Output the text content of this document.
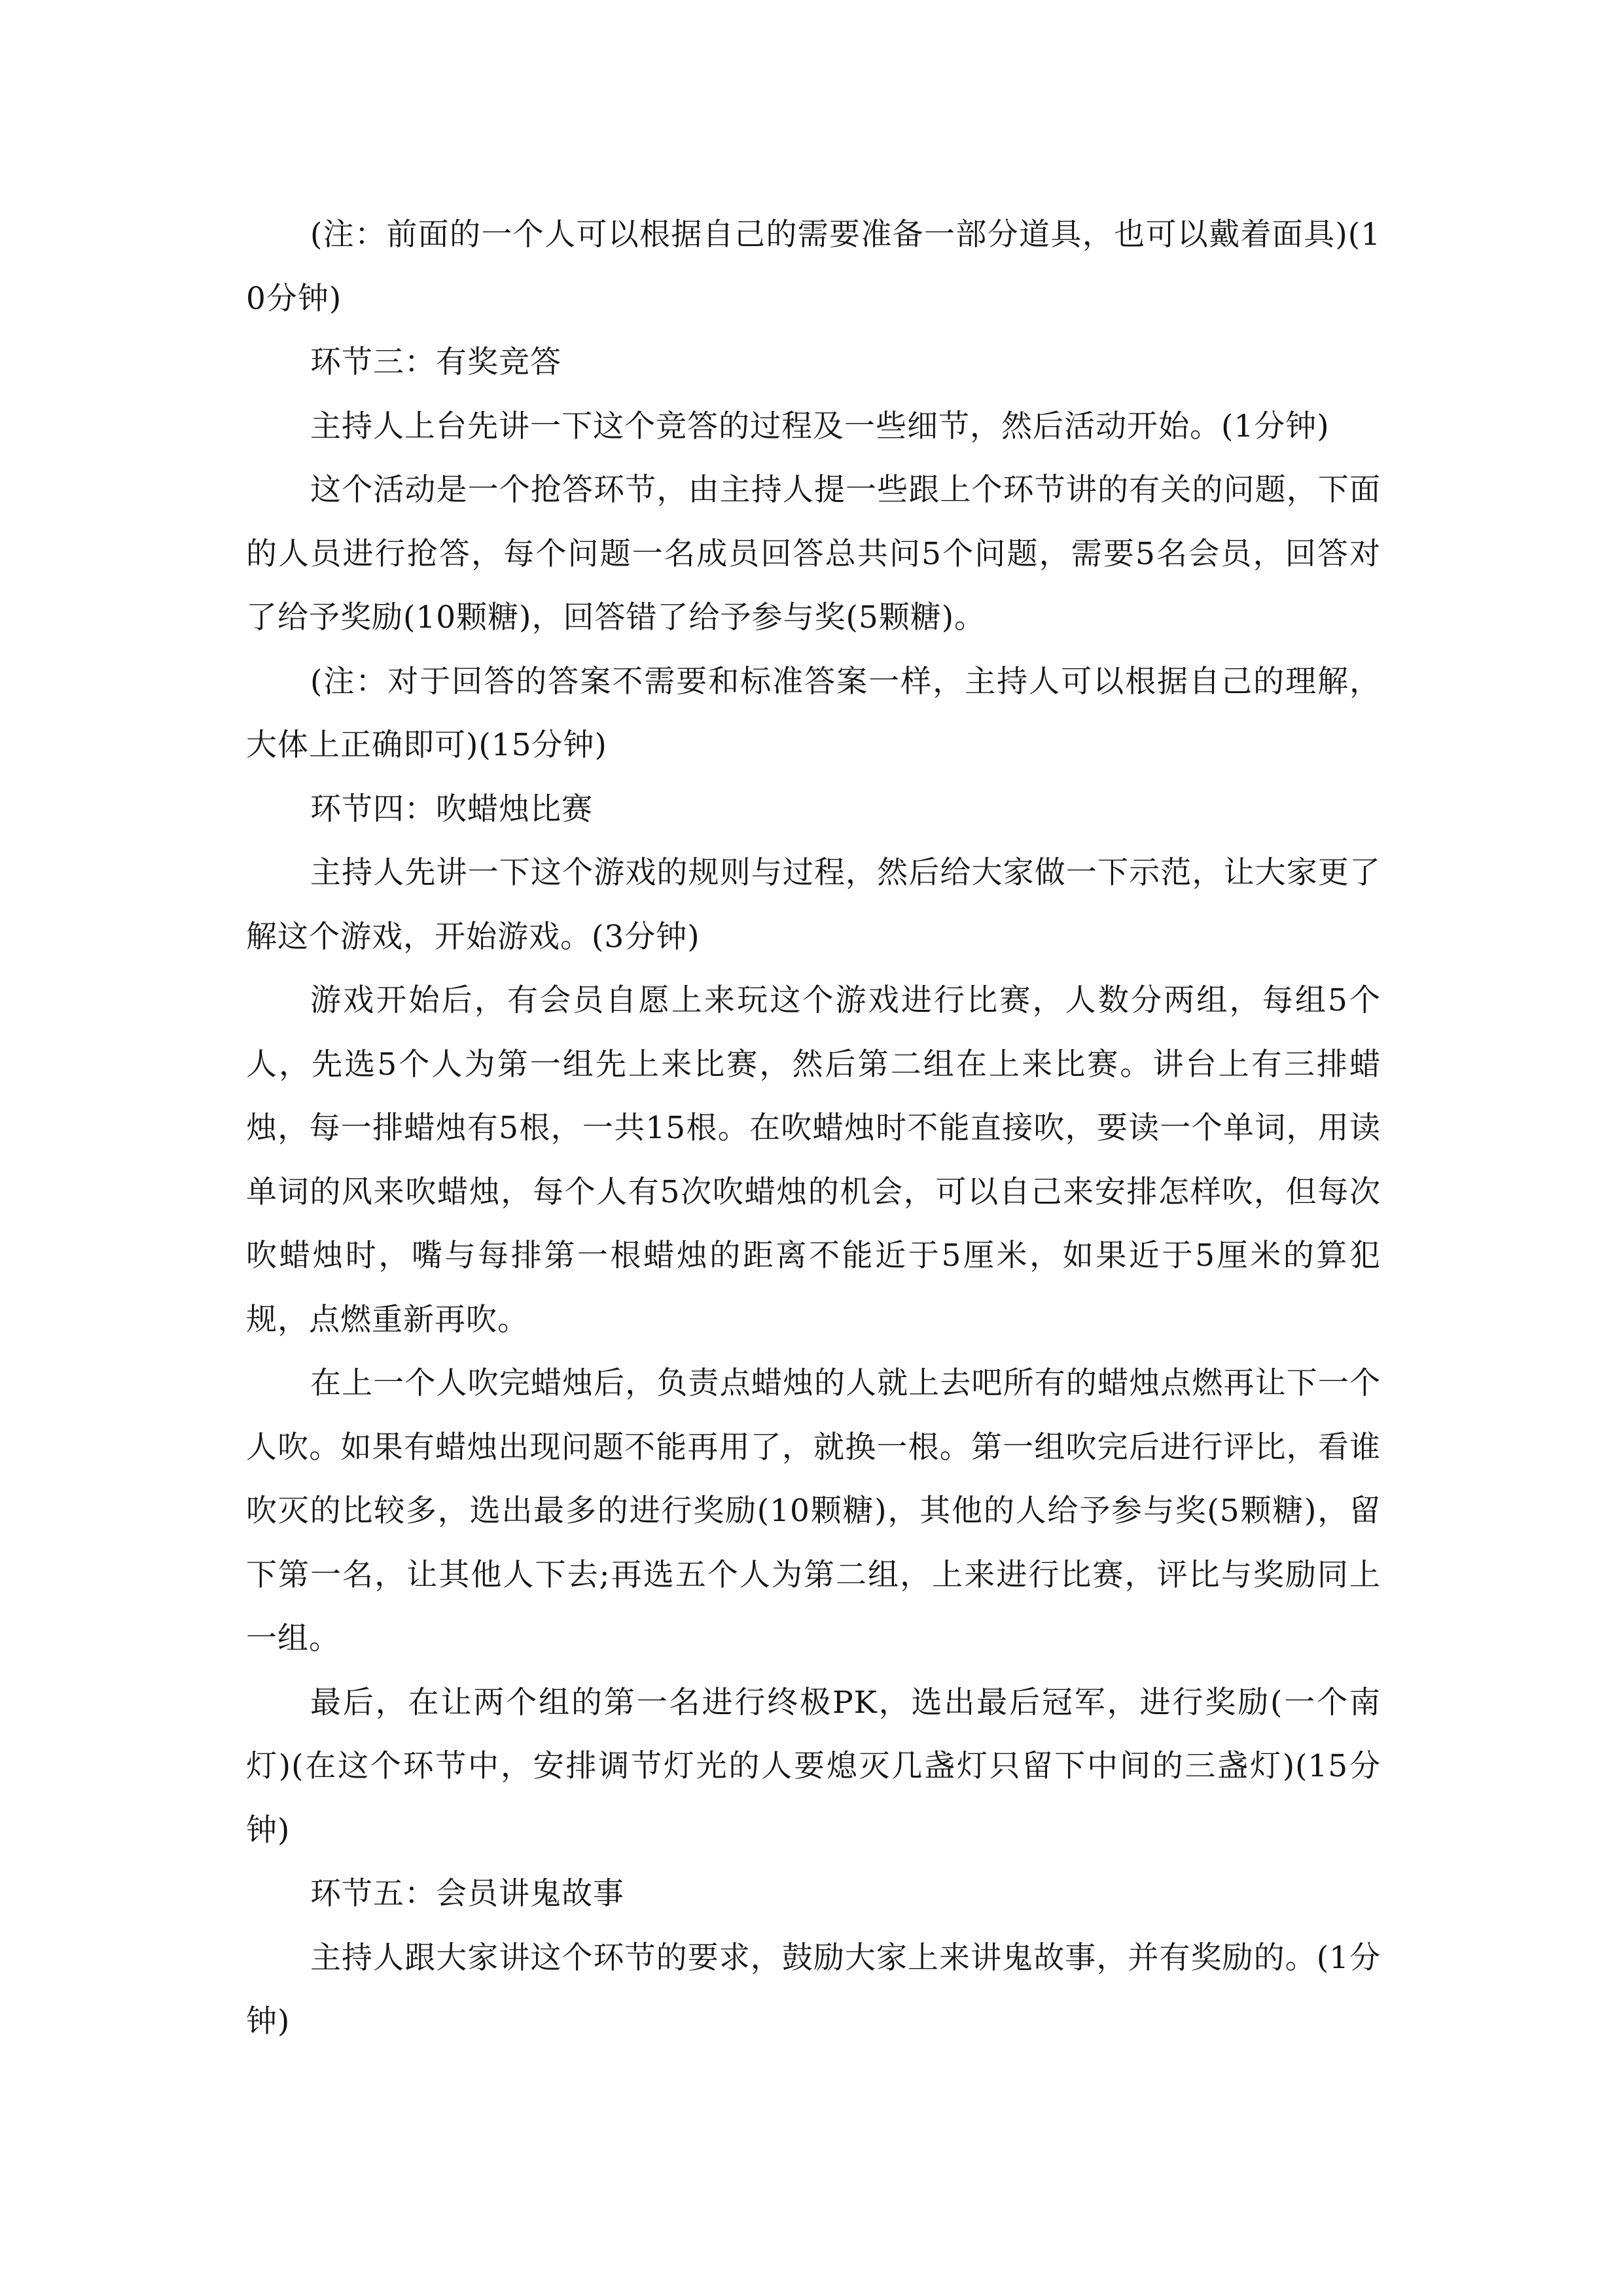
(注：前面的一个人可以根据自己的需要准备一部分道具，也可以戴着面具)(10分钟)

环节三：有奖竞答

主持人上台先讲一下这个竞答的过程及一些细节，然后活动开始。(1分钟)

这个活动是一个抢答环节，由主持人提一些跟上个环节讲的有关的问题，下面的人员进行抢答，每个问题一名成员回答总共问5个问题，需要5名会员，回答对了给予奖励(10颗糖)，回答错了给予参与奖(5颗糖)。

(注：对于回答的答案不需要和标准答案一样，主持人可以根据自己的理解，大体上正确即可)(15分钟)

环节四：吹蜡烛比赛

主持人先讲一下这个游戏的规则与过程，然后给大家做一下示范，让大家更了解这个游戏，开始游戏。(3分钟)

游戏开始后，有会员自愿上来玩这个游戏进行比赛，人数分两组，每组5个人，先选5个人为第一组先上来比赛，然后第二组在上来比赛。讲台上有三排蜡烛，每一排蜡烛有5根，一共15根。在吹蜡烛时不能直接吹，要读一个单词，用读单词的风来吹蜡烛，每个人有5次吹蜡烛的机会，可以自己来安排怎样吹，但每次吹蜡烛时，嘴与每排第一根蜡烛的距离不能近于5厘米，如果近于5厘米的算犯规，点燃重新再吹。

在上一个人吹完蜡烛后，负责点蜡烛的人就上去吧所有的蜡烛点燃再让下一个人吹。如果有蜡烛出现问题不能再用了，就换一根。第一组吹完后进行评比，看谁吹灭的比较多，选出最多的进行奖励(10颗糖)，其他的人给予参与奖(5颗糖)，留下第一名，让其他人下去;再选五个人为第二组，上来进行比赛，评比与奖励同上一组。

最后，在让两个组的第一名进行终极PK，选出最后冠军，进行奖励(一个南灯)(在这个环节中，安排调节灯光的人要熄灭几盏灯只留下中间的三盏灯)(15分钟)

环节五：会员讲鬼故事

主持人跟大家讲这个环节的要求，鼓励大家上来讲鬼故事，并有奖励的。(1分钟)
